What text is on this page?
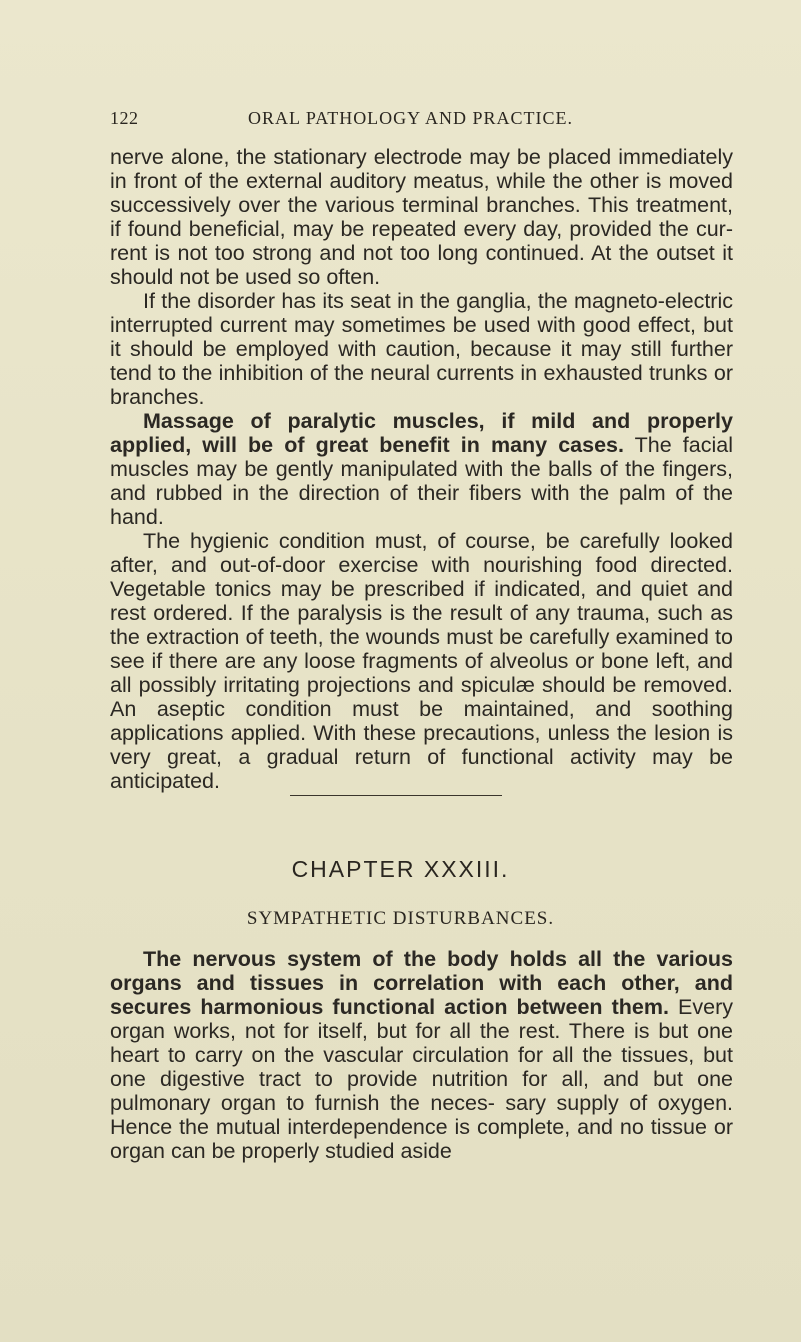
122	ORAL PATHOLOGY AND PRACTICE.
nerve alone, the stationary electrode may be placed immediately in front of the external auditory meatus, while the other is moved successively over the various terminal branches. This treatment, if found beneficial, may be repeated every day, provided the cur- rent is not too strong and not too long continued. At the outset it should not be used so often.
If the disorder has its seat in the ganglia, the magneto-electric interrupted current may sometimes be used with good effect, but it should be employed with caution, because it may still further tend to the inhibition of the neural currents in exhausted trunks or branches.
Massage of paralytic muscles, if mild and properly applied, will be of great benefit in many cases. The facial muscles may be gently manipulated with the balls of the fingers, and rubbed in the direction of their fibers with the palm of the hand.
The hygienic condition must, of course, be carefully looked after, and out-of-door exercise with nourishing food directed. Vegetable tonics may be prescribed if indicated, and quiet and rest ordered. If the paralysis is the result of any trauma, such as the extraction of teeth, the wounds must be carefully examined to see if there are any loose fragments of alveolus or bone left, and all possibly irritating projections and spiculæ should be removed. An aseptic condition must be maintained, and soothing applications applied. With these precautions, unless the lesion is very great, a gradual return of functional activity may be anticipated.
CHAPTER XXXIII.
SYMPATHETIC DISTURBANCES.
The nervous system of the body holds all the various organs and tissues in correlation with each other, and secures harmonious functional action between them. Every organ works, not for itself, but for all the rest. There is but one heart to carry on the vascular circulation for all the tissues, but one digestive tract to provide nutrition for all, and but one pulmonary organ to furnish the neces- sary supply of oxygen. Hence the mutual interdependence is complete, and no tissue or organ can be properly studied aside
